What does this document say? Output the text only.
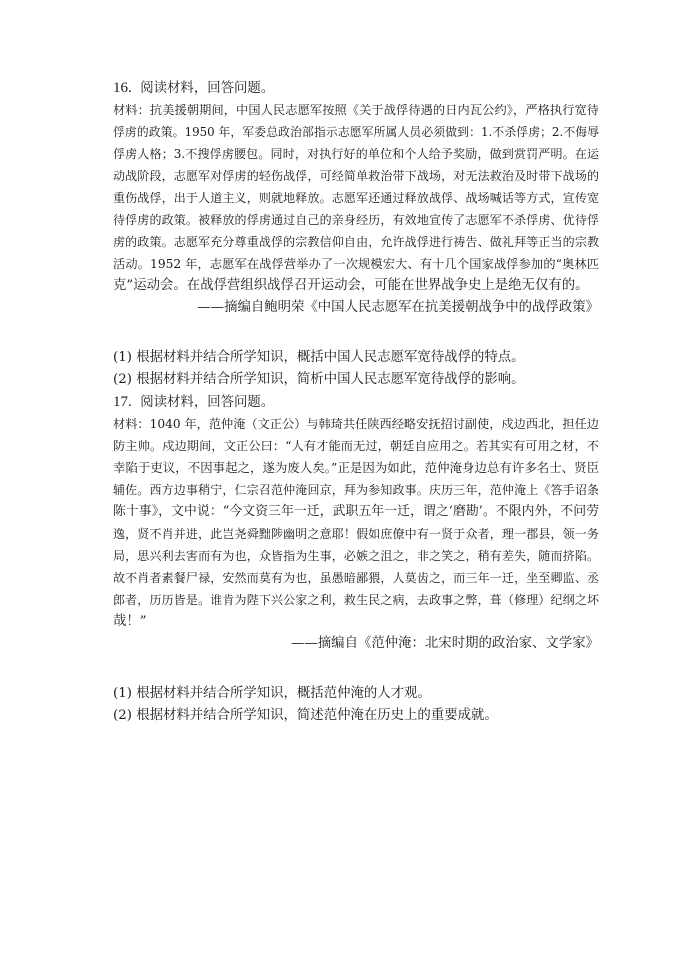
16. 阅读材料，回答问题。
材料：抗美援朝期间，中国人民志愿军按照《关于战俘待遇的日内瓦公约》，严格执行宽待
俘虏的政策。1950 年，军委总政治部指示志愿军所属人员必须做到：1.不杀俘虏；2.不侮辱
俘虏人格；3.不搜俘虏腰包。同时，对执行好的单位和个人给予奖励，做到赏罚严明。在运
动战阶段，志愿军对俘虏的轻伤战俘，可经简单救治带下战场，对无法救治及时带下战场的
重伤战俘，出于人道主义，则就地释放。志愿军还通过释放战俘、战场喊话等方式，宣传宽
待俘虏的政策。被释放的俘虏通过自己的亲身经历，有效地宣传了志愿军不杀俘虏、优待俘
虏的政策。志愿军充分尊重战俘的宗教信仰自由，允许战俘进行祷告、做礼拜等正当的宗教
活动。1952 年，志愿军在战俘营举办了一次规模宏大、有十几个国家战俘参加的“奥林匹
克”运动会。在战俘营组织战俘召开运动会，可能在世界战争史上是绝无仅有的。
——摘编自鲍明荣《中国人民志愿军在抗美援朝战争中的战俘政策》
(1) 根据材料并结合所学知识，概括中国人民志愿军宽待战俘的特点。
(2) 根据材料并结合所学知识，简析中国人民志愿军宽待战俘的影响。
17. 阅读材料，回答问题。
材料：1040 年，范仲淹（文正公）与韩琦共任陕西经略安抚招讨副使，戍边西北，担任边
防主帅。戍边期间，文正公曰：“人有才能而无过，朝廷自应用之。若其实有可用之材，不
幸陷于吏议，不因事起之，遂为废人矣。”正是因为如此，范仲淹身边总有许多名士、贤臣
辅佐。西方边事稍宁，仁宗召范仲淹回京，拜为参知政事。庆历三年，范仲淹上《答手诏条
陈十事》，文中说：“今文资三年一迁，武职五年一迁，谓之‘磨勘’。不限内外，不问劳
逸，贤不肖并进，此岂尧舜黜陟幽明之意耶！假如庶僚中有一贤于众者，理一郡县，领一务
局，思兴利去害而有为也，众皆指为生事，必嫉之沮之，非之笑之，稍有差失，随而挤陷。
故不肖者素餐尸禄，安然而莫有为也，虽愚暗鄙猥，人莫齿之，而三年一迁，坐至卿监、丞
郎者，历历皆是。谁肯为陛下兴公家之利，救生民之病，去政事之弊，葺（修理）纪纲之坏
哉！”
——摘编自《范仲淹：北宋时期的政治家、文学家》
(1) 根据材料并结合所学知识，概括范仲淹的人才观。
(2) 根据材料并结合所学知识，简述范仲淹在历史上的重要成就。
